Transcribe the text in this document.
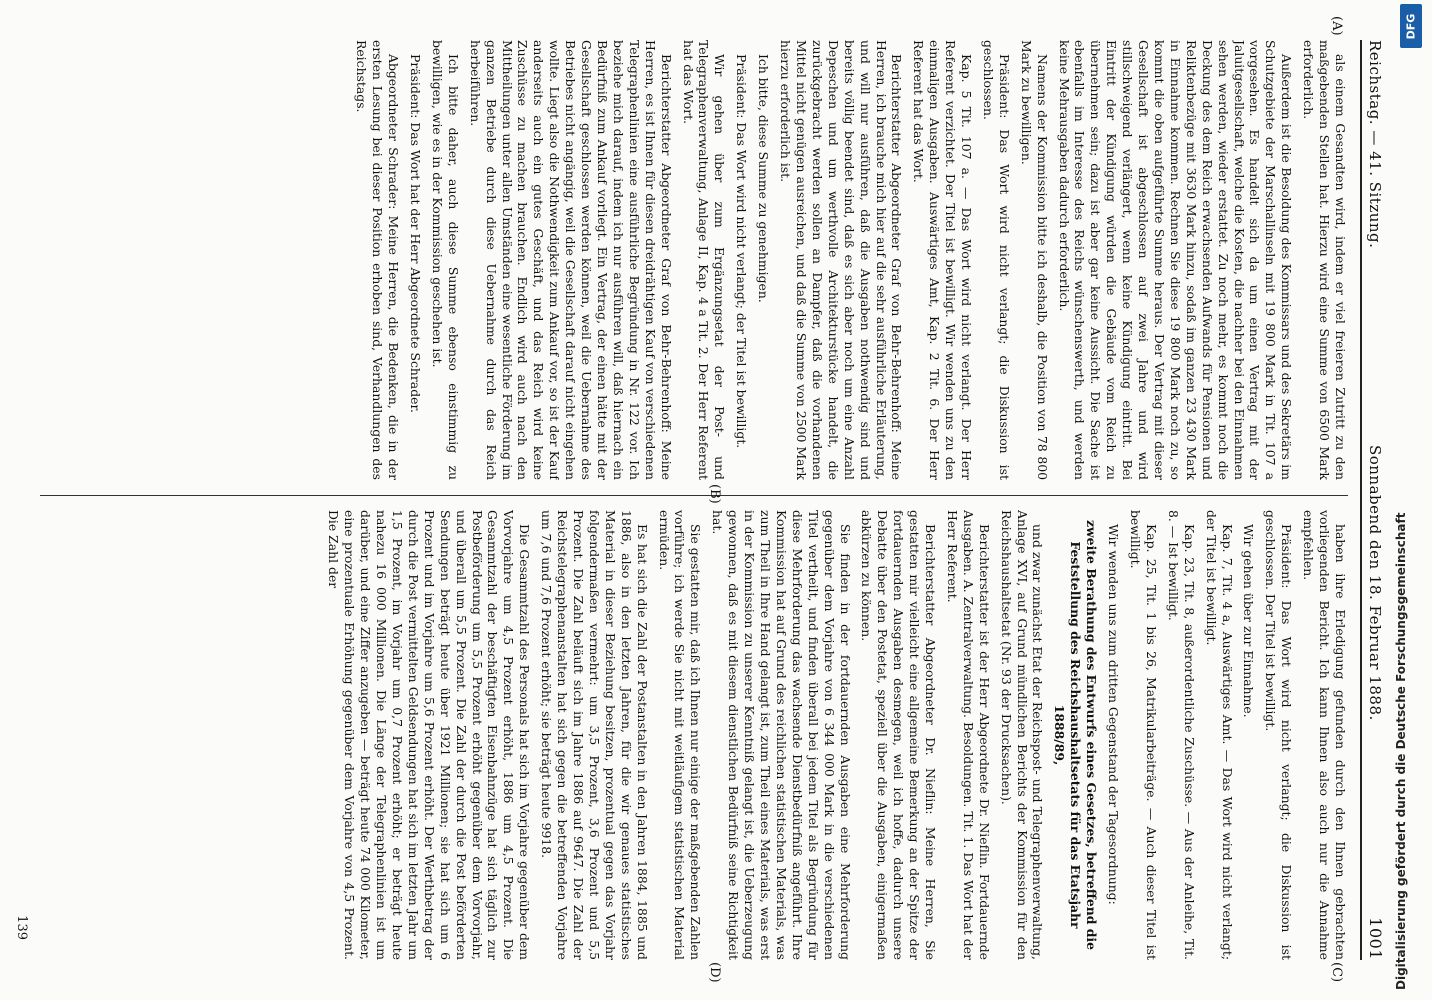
Reichstag. — 41. Sitzung.
Sonnabend den 18. Februar 1888.
1001

als einem Gesandten wird, indem er viel freieren Zutritt zu den maßgebenden Stellen hat. Hierzu wird eine Summe von 6500 Mark erforderlich.

Außerdem ist die Besoldung des Kommissars und des Sekretärs im Schutzgebiete der Marschallinseln mit 19 800 Mark in Tit. 107 a vorgesehen. Es handelt sich da um einen Vertrag mit der Jaluitgesellschaft, welche die Kosten, die nachher bei den Einnahmen sehen werden, wieder erstattet. Zu noch mehr, es kommt noch die Deckung des dem Reich erwachsenden Aufwands für Pensionen und Reliktenbezüge mit 3630 Mark hinzu, sodaß im ganzen 23 430 Mark in Einnahme kommen. Rechnen Sie diese 19 800 Mark noch zu, so kommt die oben aufgeführte Summe heraus. Der Vertrag mit dieser Gesellschaft ist abgeschlossen auf zwei Jahre und wird stillschweigend verlängert, wenn keine Kündigung eintritt. Bei Eintritt der Kündigung würden die Gebäude vom Reich zu übernehmen sein; dazu ist aber gar keine Aussicht. Die Sache ist ebenfalls im Interesse des Reichs wünschenswerth, und werden keine Mehrausgaben dadurch erforderlich.

Namens der Kommission bitte ich deshalb, die Position von 78 800 Mark zu bewilligen.

Präsident: Das Wort wird nicht verlangt; die Diskussion ist geschlossen.

Kap. 5 Tit. 107 a. — Das Wort wird nicht verlangt. Der Herr Referent verzichtet. Der Titel ist bewilligt. Wir wenden uns zu den einmaligen Ausgaben. Auswärtiges Amt, Kap. 2 Tit. 6. Der Herr Referent hat das Wort.

Berichterstatter Abgeordneter Graf von Behr-Behrenhoff: Meine Herren, ich brauche mich hier auf die sehr ausführliche Erläuterung, und will nur ausführen, daß die Ausgaben nothwendig sind und bereits völlig beendet sind, daß es sich aber noch um eine Anzahl Depeschen und um werthvolle Architekturstücke handelt, die zurückgebracht werden sollen an Dampfer, daß die vorhandenen Mittel nicht genügen ausreichen, und daß die Summe von 2500 Mark hierzu erforderlich ist.

Ich bitte, diese Summe zu genehmigen.

Präsident: Das Wort wird nicht verlangt; der Titel ist bewilligt.

Wir gehen über zum Ergänzungsetat der Post- und Telegraphenverwaltung, Anlage II, Kap. 4 a Tit. 2. Der Herr Referent hat das Wort.

Berichterstatter Abgeordneter Graf von Behr-Behrenhoff: Meine Herren, es ist Ihnen für diesen dreidrähtigen Kauf von verschiedenen Telegraphenlinien eine ausführliche Begründung in Nr. 122 vor. Ich beziehe mich darauf, indem ich nur ausführen will, daß hiernach ein Bedürfniß zum Ankauf vorliegt. Ein Vertrag, der einen hätte mit der Gesellschaft geschlossen werden können, weil die Uebernahme des Betriebes nicht angängig, weil die Gesellschaft darauf nicht eingehen wollte. Liegt also die Nothwendigkeit zum Ankauf vor, so ist der Kauf anderseits auch ein gutes Geschäft, und das Reich wird keine Zuschüsse zu machen brauchen. Endlich wird auch nach den Mittheilungen unter allen Umständen eine wesentliche Förderung im ganzen Betriebe durch diese Uebernahme durch das Reich herbeiführen.

Ich bitte daher, auch diese Summe ebenso einstimmig zu bewilligen, wie es in der Kommission geschehen ist.

Präsident: Das Wort hat der Herr Abgeordnete Schrader.

Abgeordneter Schrader: Meine Herren, die Bedenken, die in der ersten Lesung bei dieser Position erhoben sind, Verhandlungen des Reichstags.

haben ihre Erledigung gefunden durch den Ihnen gebrachten vorliegenden Bericht. Ich kann Ihnen also auch nur die Annahme empfehlen.

Präsident: Das Wort wird nicht verlangt; die Diskussion ist geschlossen. Der Titel ist bewilligt.

Wir gehen über zur Einnahme.

Kap. 7, Tit. 4 a, Auswärtiges Amt. — Das Wort wird nicht verlangt; der Titel ist bewilligt.

Kap. 23, Tit. 8, außerordentliche Zuschüsse. — Aus der Anleihe, Tit. 8. — Ist bewilligt.

Kap. 25, Tit. 1 bis 26, Matrikularbeiträge. — Auch dieser Titel ist bewilligt.

Wir wenden uns zum dritten Gegenstand der Tagesordnung:

zweite Berathung des Entwurfs eines Gesetzes, betreffend die Feststellung des Reichshaushaltsetats für das Etatsjahr 1888/89,

und zwar zunächst Etat der Reichspost- und Telegraphenverwaltung, Anlage XVI, auf Grund mündlichen Berichts der Kommission für den Reichshaushaltsetat (Nr. 93 der Drucksachen).

Berichterstatter ist der Herr Abgeordnete Dr. Nieflin. Fortdauernde Ausgaben. A. Zentralverwaltung. Besoldungen. Tit. 1. Das Wort hat der Herr Referent.

Berichterstatter Abgeordneter Dr. Nieflin: Meine Herren, Sie gestatten mir vielleicht eine allgemeine Bemerkung an der Spitze der fortdauernden Ausgaben desmegen, weil ich hoffe, dadurch unsere Debatte über den Postetat, speziell über die Ausgaben, einigermaßen abkürzen zu können.

Sie finden in der fortdauernden Ausgaben eine Mehrforderung gegenüber dem Vorjahre von 6 344 000 Mark in die verschiedenen Titel vertheilt, und finden überall bei jedem Titel als Begründung für diese Mehrforderung das wachsende Dienstbedürfniß angeführt. Ihre Kommission hat auf Grund des reichlichen statistischen Materials, was zum Theil in Ihre Hand gelangt ist, zum Theil eines Materials, was erst in der Kommission zu unserer Kenntniß gelangt ist, die Ueberzeugung gewonnen, daß es mit diesem dienstlichen Bedürfniß seine Richtigkeit hat.

Sie gestatten mir, daß ich Ihnen nur einige der maßgebenden Zahlen vorführe; ich werde Sie nicht mit weitläufigem statistischen Material ermüden.

Es hat sich die Zahl der Postanstalten in den Jahren 1884, 1885 und 1886, also in den letzten Jahren, für die wir genaues statistisches Material in dieser Beziehung besitzen, prozentual gegen das Vorjahr folgendermaßen vermehrt: um 3,5 Prozent, 3,6 Prozent und 5,5 Prozent. Die Zahl beläuft sich im Jahre 1886 auf 9647. Die Zahl der Reichstelegraphenanstalten hat sich gegen die betreffenden Vorjahre um 7,6 und 7,6 Prozent erhöht; sie beträgt heute 9918.

Die Gesammtzahl des Personals hat sich im Vorjahre gegenüber dem Vorvorjahre um 4,5 Prozent erhöht, 1886 um 4,5 Prozent. Die Gesammtzahl der beschäftigten Eisenbahnzüge hat sich täglich zur Postbeförderung um 5,5 Prozent erhöht gegenüber dem Vorvorjahr, und überall um 5,5 Prozent. Die Zahl der durch die Post beförderten Sendungen beträgt heute über 1921 Millionen; sie hat sich um 6 Prozent und im Vorjahre um 5,6 Prozent erhöht. Der Werthbetrag der durch die Post vermittelten Geldsendungen hat sich im letzten Jahr um 1,5 Prozent, im Vorjahr um 0,7 Prozent erhöht; er beträgt heute nahezu 16 000 Millionen. Die Länge der Telegraphenlinien ist um darüber, und eine Ziffer anzugeben — beträgt heute 74 000 Kilometer, eine prozentuale Erhöhung gegenüber dem Vorjahre von 4,5 Prozent. Die Zahl der

(A)
(B)
(C)
(D)
139
DFG
Digitalisierung gefördert durch die Deutsche Forschungsgemeinschaft
